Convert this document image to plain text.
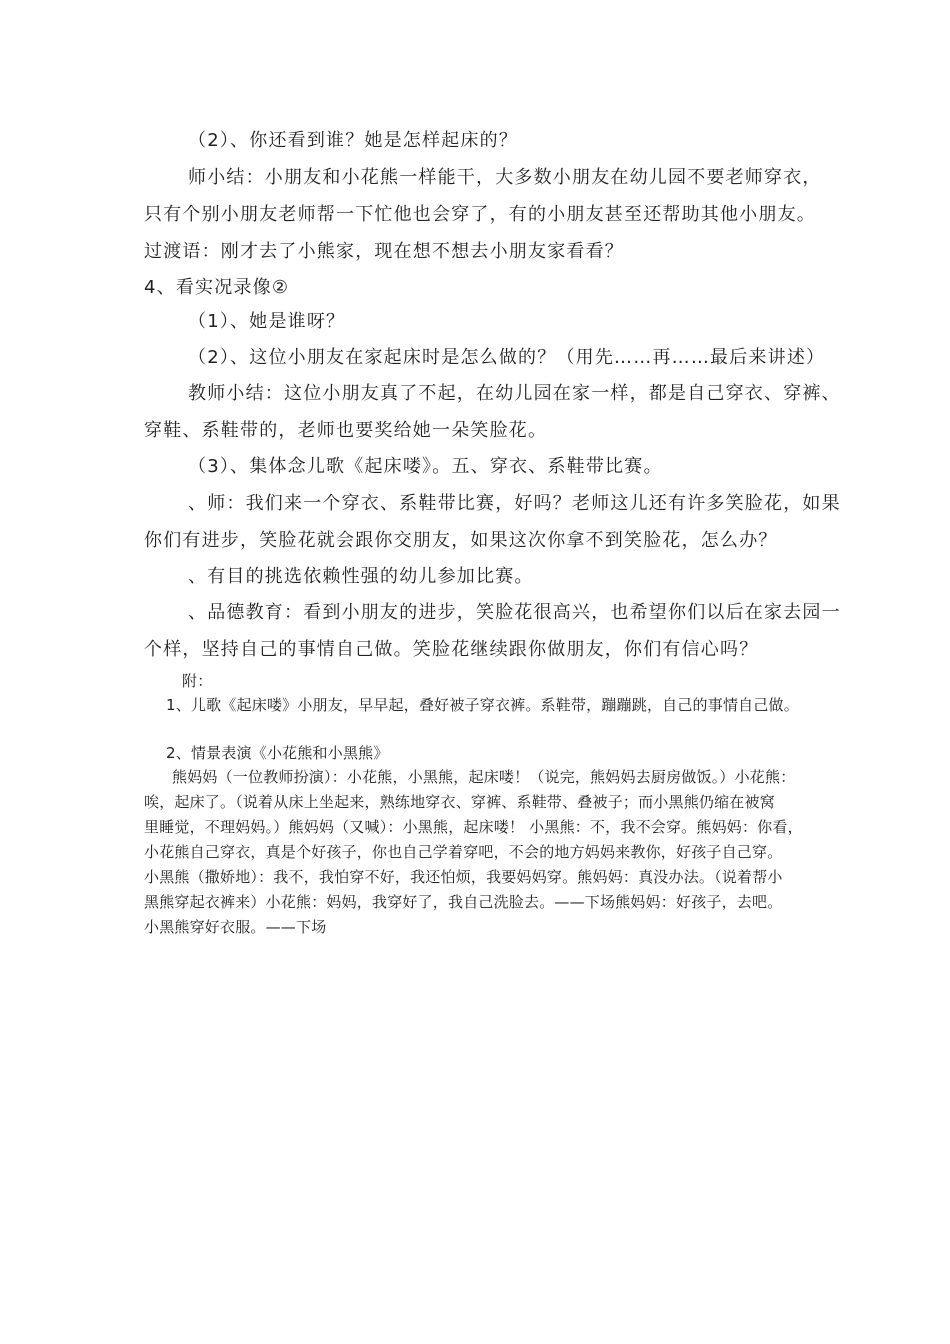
（2）、你还看到谁？她是怎样起床的？

师小结：小朋友和小花熊一样能干，大多数小朋友在幼儿园不要老师穿衣，

只有个别小朋友老师帮一下忙他也会穿了，有的小朋友甚至还帮助其他小朋友。

过渡语：刚才去了小熊家，现在想不想去小朋友家看看？

4、看实况录像②

（1）、她是谁呀？

（2）、这位小朋友在家起床时是怎么做的？（用先……再……最后来讲述）

教师小结：这位小朋友真了不起，在幼儿园在家一样，都是自己穿衣、穿裤、

穿鞋、系鞋带的，老师也要奖给她一朵笑脸花。

（3）、集体念儿歌《起床喽》。五、穿衣、系鞋带比赛。

、师：我们来一个穿衣、系鞋带比赛，好吗？老师这儿还有许多笑脸花，如果

你们有进步，笑脸花就会跟你交朋友，如果这次你拿不到笑脸花，怎么办？

、有目的挑选依赖性强的幼儿参加比赛。

、品德教育：看到小朋友的进步，笑脸花很高兴，也希望你们以后在家去园一

个样，坚持自己的事情自己做。笑脸花继续跟你做朋友，你们有信心吗？

附：

1、儿歌《起床喽》小朋友，早早起，叠好被子穿衣裤。系鞋带，蹦蹦跳，自己的事情自己做。

2、情景表演《小花熊和小黑熊》

熊妈妈（一位教师扮演）：小花熊，小黑熊，起床喽！（说完，熊妈妈去厨房做饭。）小花熊：

唉，起床了。（说着从床上坐起来，熟练地穿衣、穿裤、系鞋带、叠被子；而小黑熊仍缩在被窝

里睡觉，不理妈妈。）熊妈妈（又喊）：小黑熊，起床喽！ 小黑熊：不，我不会穿。熊妈妈：你看，

小花熊自己穿衣，真是个好孩子，你也自己学着穿吧，不会的地方妈妈来教你，好孩子自己穿。

小黑熊（撒娇地）：我不，我怕穿不好，我还怕烦，我要妈妈穿。熊妈妈：真没办法。（说着帮小

黑熊穿起衣裤来）小花熊：妈妈，我穿好了，我自己洗脸去。——下场熊妈妈：好孩子，去吧。

小黑熊穿好衣服。——下场
